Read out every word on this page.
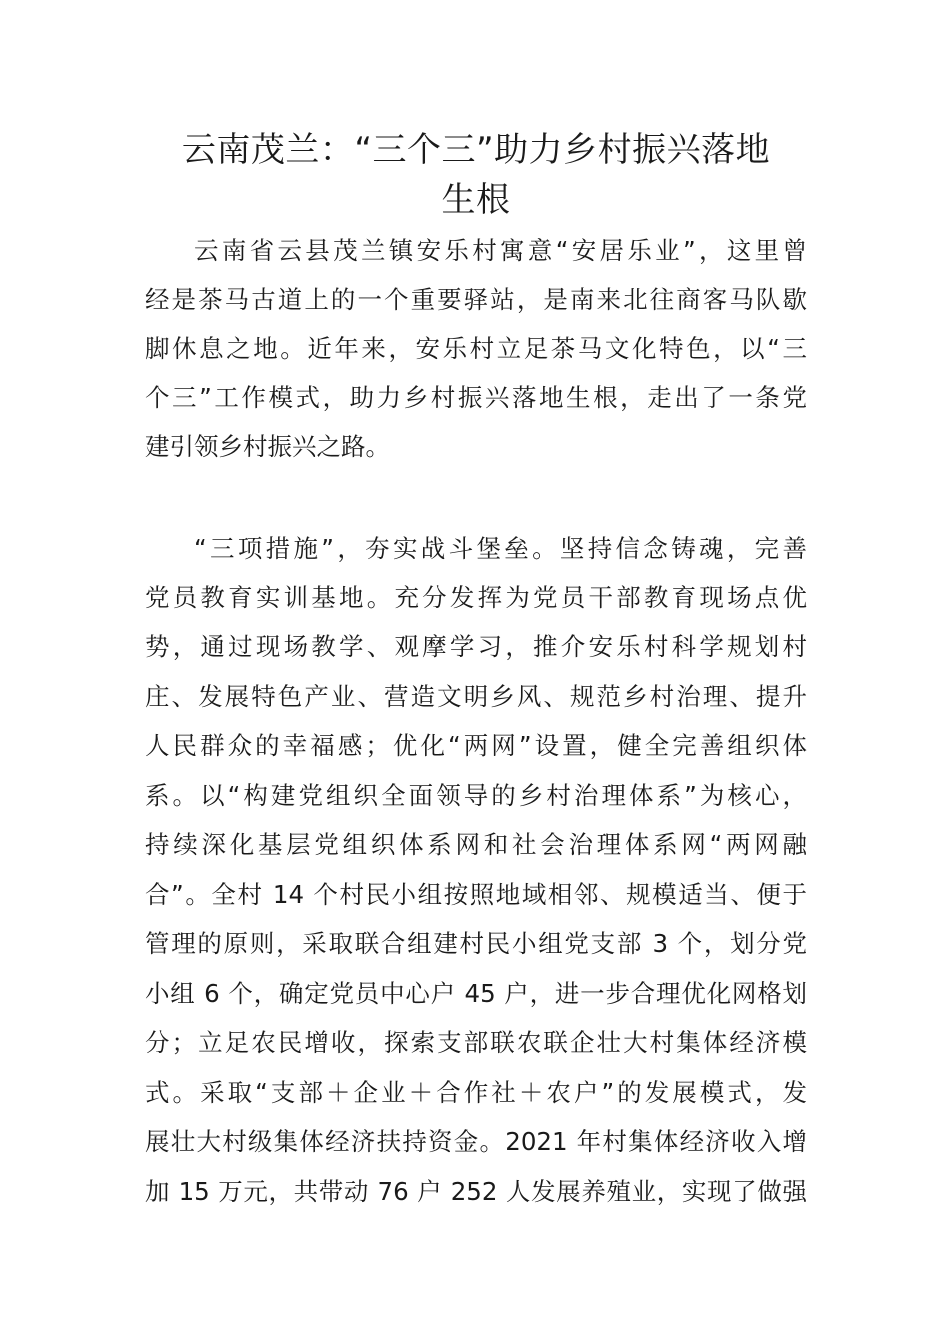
云南茂兰：“三个三”助力乡村振兴落地
生根
云南省云县茂兰镇安乐村寓意“安居乐业”，这里曾
经是茶马古道上的一个重要驿站，是南来北往商客马队歇
脚休息之地。近年来，安乐村立足茶马文化特色，以“三
个三”工作模式，助力乡村振兴落地生根，走出了一条党
建引领乡村振兴之路。
“三项措施”，夯实战斗堡垒。坚持信念铸魂，完善
党员教育实训基地。充分发挥为党员干部教育现场点优
势，通过现场教学、观摩学习，推介安乐村科学规划村
庄、发展特色产业、营造文明乡风、规范乡村治理、提升
人民群众的幸福感；优化“两网”设置，健全完善组织体
系。以“构建党组织全面领导的乡村治理体系”为核心，
持续深化基层党组织体系网和社会治理体系网“两网融
合”。全村 14 个村民小组按照地域相邻、规模适当、便于
管理的原则，采取联合组建村民小组党支部 3 个，划分党
小组 6 个，确定党员中心户 45 户，进一步合理优化网格划
分；立足农民增收，探索支部联农联企壮大村集体经济模
式。采取“支部＋企业＋合作社＋农户”的发展模式，发
展壮大村级集体经济扶持资金。2021 年村集体经济收入增
加 15 万元，共带动 76 户 252 人发展养殖业，实现了做强
